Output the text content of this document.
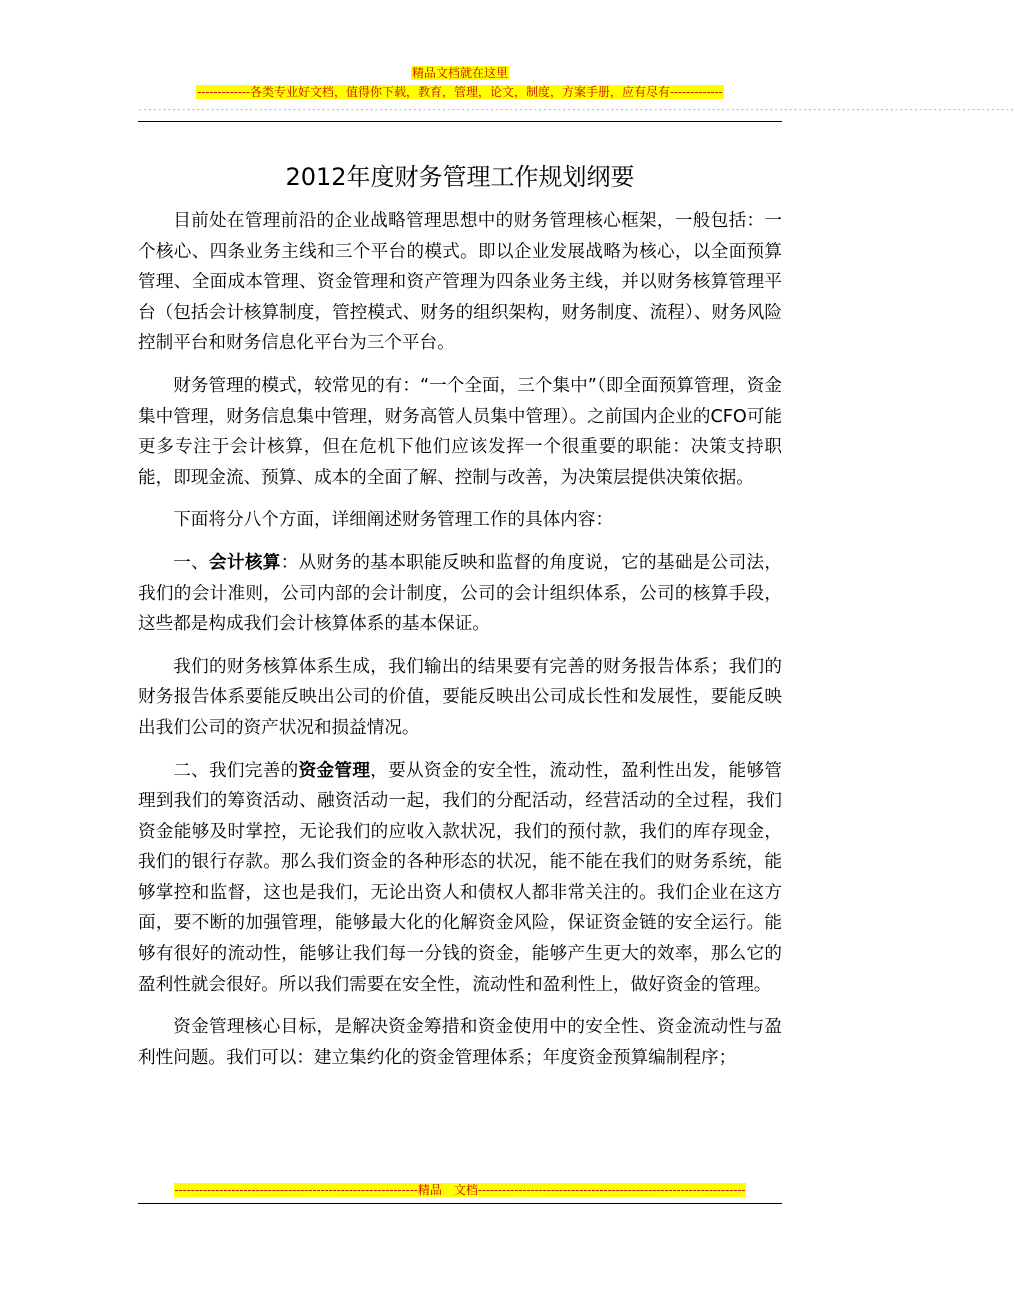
精品文档就在这里
-------------各类专业好文档，值得你下载，教育，管理，论文，制度，方案手册，应有尽有-------------
--------------------------------------------------------------------------------------------------------------------------------------------------------------------------------------
2012年度财务管理工作规划纲要

目前处在管理前沿的企业战略管理思想中的财务管理核心框架，一般包括：一个核心、四条业务主线和三个平台的模式。即以企业发展战略为核心，以全面预算管理、全面成本管理、资金管理和资产管理为四条业务主线，并以财务核算管理平台（包括会计核算制度，管控模式、财务的组织架构，财务制度、流程）、财务风险控制平台和财务信息化平台为三个平台。

财务管理的模式，较常见的有：“一个全面，三个集中”（即全面预算管理，资金集中管理，财务信息集中管理，财务高管人员集中管理）。之前国内企业的CFO可能更多专注于会计核算，但在危机下他们应该发挥一个很重要的职能：决策支持职能，即现金流、预算、成本的全面了解、控制与改善，为决策层提供决策依据。

下面将分八个方面，详细阐述财务管理工作的具体内容：

一、会计核算：从财务的基本职能反映和监督的角度说，它的基础是公司法，我们的会计准则，公司内部的会计制度，公司的会计组织体系，公司的核算手段，这些都是构成我们会计核算体系的基本保证。

我们的财务核算体系生成，我们输出的结果要有完善的财务报告体系；我们的财务报告体系要能反映出公司的价值，要能反映出公司成长性和发展性，要能反映出我们公司的资产状况和损益情况。

二、我们完善的资金管理，要从资金的安全性，流动性，盈利性出发，能够管理到我们的筹资活动、融资活动一起，我们的分配活动，经营活动的全过程，我们资金能够及时掌控，无论我们的应收入款状况，我们的预付款，我们的库存现金，我们的银行存款。那么我们资金的各种形态的状况，能不能在我们的财务系统，能够掌控和监督，这也是我们，无论出资人和债权人都非常关注的。我们企业在这方面，要不断的加强管理，能够最大化的化解资金风险，保证资金链的安全运行。能够有很好的流动性，能够让我们每一分钱的资金，能够产生更大的效率，那么它的盈利性就会很好。所以我们需要在安全性，流动性和盈利性上，做好资金的管理。

资金管理核心目标，是解决资金筹措和资金使用中的安全性、资金流动性与盈利性问题。我们可以：建立集约化的资金管理体系；年度资金预算编制程序；

------------------------------------------------------------精品　文档------------------------------------------------------------------
